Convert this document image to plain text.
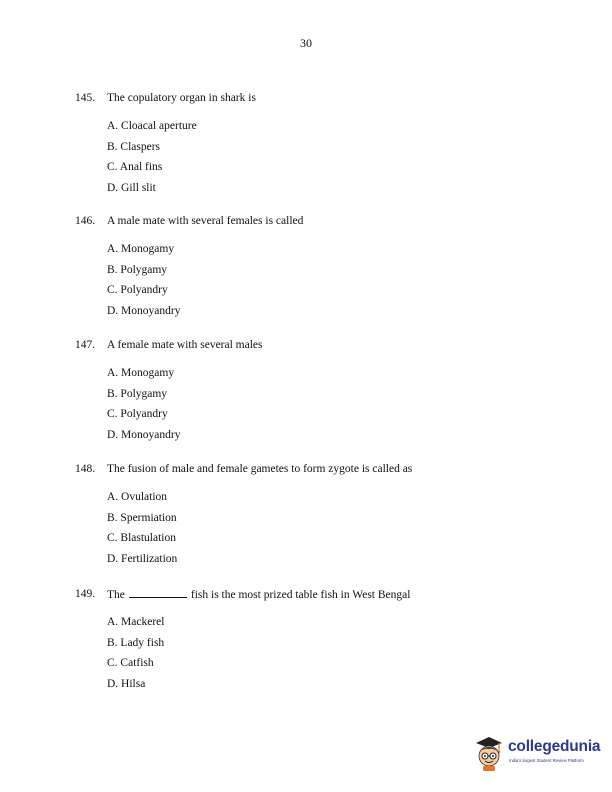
30
145.	The copulatory organ in shark is
A. Cloacal aperture
B. Claspers
C. Anal fins
D. Gill slit
146.	A male mate with several females is called
A. Monogamy
B. Polygamy
C. Polyandry
D. Monoyandry
147.	A female mate with several males
A. Monogamy
B. Polygamy
C. Polyandry
D. Monoyandry
148.	The fusion of male and female gametes to form zygote is called as
A. Ovulation
B. Spermiation
C. Blastulation
D. Fertilization
149.	The	fish is the most prized table fish in West Bengal
A. Mackerel
B. Lady fish
C. Catfish
D. Hilsa
collegedunia
India's largest Student Review Platform
